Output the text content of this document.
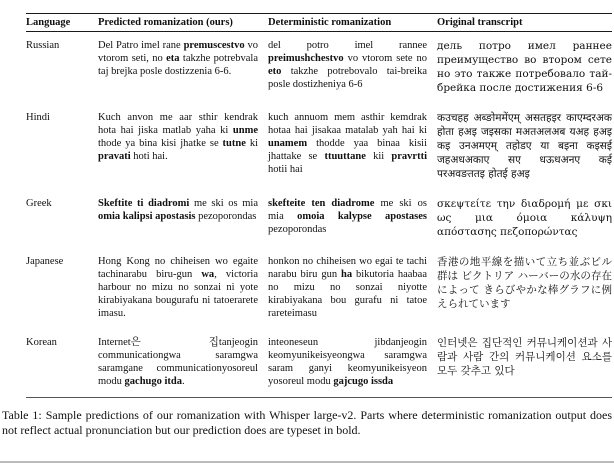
Language	Predicted romanization (ours)	Deterministic romanization	Original transcript
Russian	Del Patro imel rane premuscestvo vo vtorom seti, no eta takzhe potrebvala taj brejka posle dostizzenia 6-6.	del potro imel rannee preimushchestvo vo vtorom sete no eto takzhe potrebovalo tai-breika posle dostizheniya 6-6	дель потро имел раннее преимущество во втором сете но это также потребовало тай-брейка после достижения 6-6
Hindi	Kuch anvon me aar sthir kendrak hota hai jiska matlab yaha ki unme thode ya bina kisi jhatke se tutne ki pravati hoti hai.	kuch annuom mem asthir kemdrak hotaa hai jisakaa matalab yah hai ki unamem thodde yaa binaa kisii jhattake se ttuuttane kii pravrtti hotii hai	कउचहह अब्ङोममेंएम् असतहइर काएम्दरअक होता हअइ जइसका मअतअलअब यअह हअइ कइ उनअमएम् तहोडए या बइना कइसई जहअधअकाए सए धऊधअनए कई परअवङततइ होतई हअइ
Greek	Skeftite ti diadromi me ski os mia omia kalipsi apostasis pezoporondas	skefteite ten diadrome me ski os mia omoia kalypse apostases pezoporondas	σκεψτείτε την διαδρομή με σκι ως μια όμοια κάλυψη απόστασης πεζοπορώντας
Japanese	Hong Kong no chiheisen wo egaite tachinarabu biru-gun wa, victoria harbour no mizu no sonzai ni yote kirabiyakana bougurafu ni tatoerarete imasu.	honkon no chiheisen wo egai te tachi narabu biru gun ha bikutoria haabaa no mizu no sonzai niyotte kirabiyakana bou gurafu ni tatoe rareteimasu	香港の地平線を描いて立ち並ぶビル群は ビクトリア ハーバーの水の存在によって きらびやかな棒グラフに例えられています
Korean	Internet은 집tanjeogin communicationgwa saramgwa saramgane communicationyosoreul modu gachugo itda.	inteoneseun jibdanjeogin keomyunikeisyeongwa saramgwa saram ganyi keomyunikeisyeon yosoreul modu gajcugo issda	인터넷은 집단적인 커뮤니케이션과 사람과 사람 간의 커뮤니케이션 요소를 모두 갖추고 있다

Table 1: Sample predictions of our romanization with Whisper large-v2. Parts where deterministic romanization output does not reflect actual pronunciation but our prediction does are typeset in bold.
